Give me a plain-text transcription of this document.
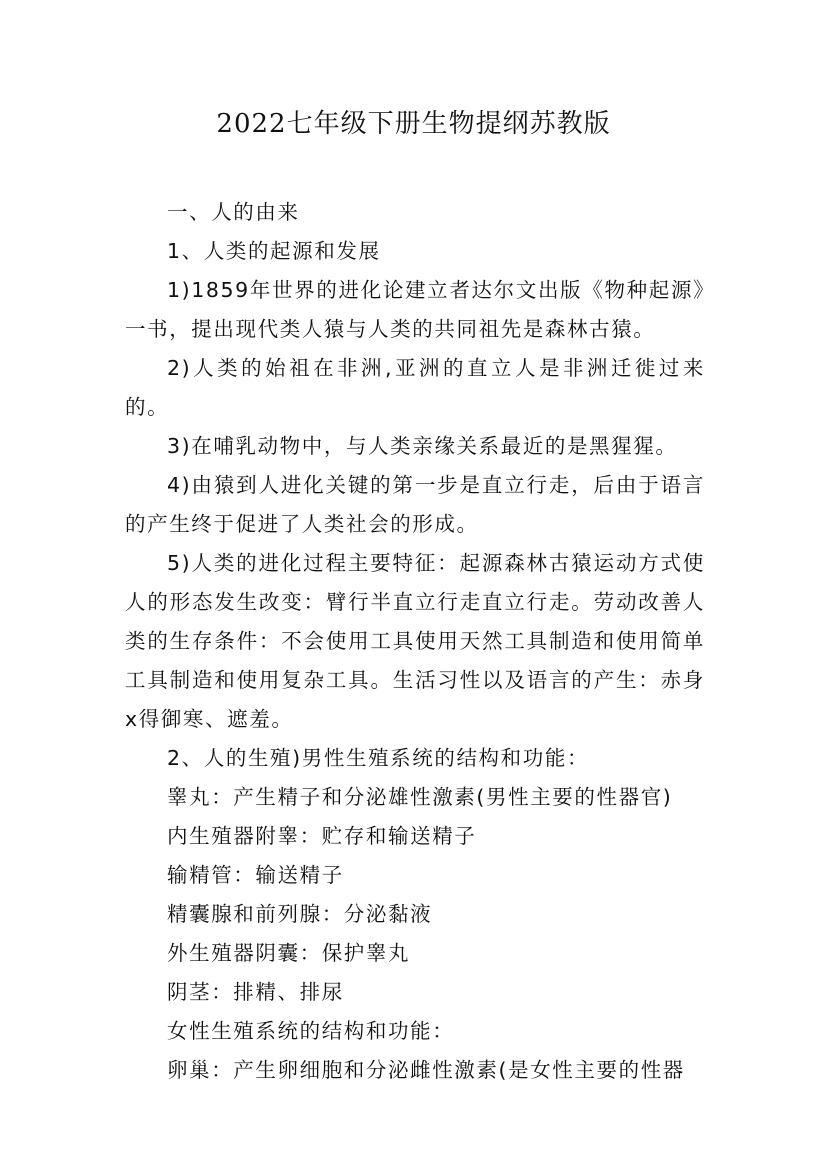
2022七年级下册生物提纲苏教版

一、人的由来

1、人类的起源和发展

1)1859年世界的进化论建立者达尔文出版《物种起源》一书，提出现代类人猿与人类的共同祖先是森林古猿。

2)人类的始祖在非洲,亚洲的直立人是非洲迁徙过来的。

3)在哺乳动物中，与人类亲缘关系最近的是黑猩猩。

4)由猿到人进化关键的第一步是直立行走，后由于语言的产生终于促进了人类社会的形成。

5)人类的进化过程主要特征：起源森林古猿运动方式使人的形态发生改变：臂行半直立行走直立行走。劳动改善人类的生存条件：不会使用工具使用天然工具制造和使用简单工具制造和使用复杂工具。生活习性以及语言的产生：赤身x得御寒、遮羞。

2、人的生殖)男性生殖系统的结构和功能：

睾丸：产生精子和分泌雄性激素(男性主要的性器官)

内生殖器附睾：贮存和输送精子

输精管：输送精子

精囊腺和前列腺：分泌黏液

外生殖器阴囊：保护睾丸

阴茎：排精、排尿

女性生殖系统的结构和功能：

卵巢：产生卵细胞和分泌雌性激素(是女性主要的性器
